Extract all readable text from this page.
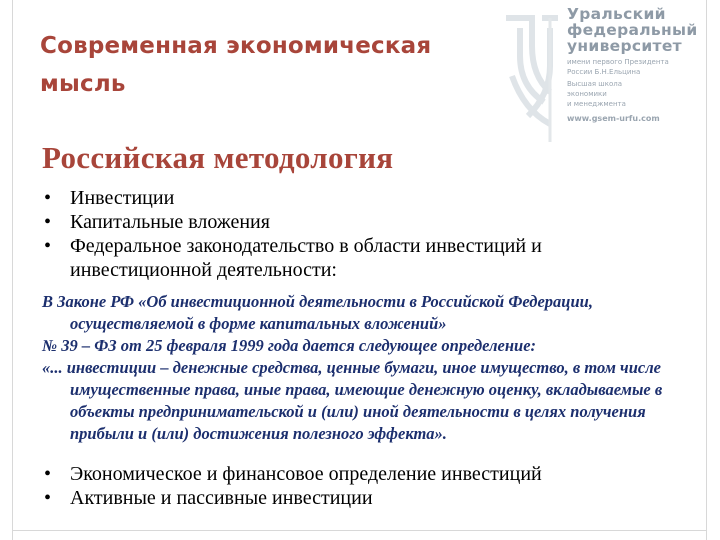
Современная экономическая
мысль
Уральский
федеральный
университет
имени первого Президента
России Б.Н.Ельцина
Высшая школа
экономики
и менеджмента
www.gsem-urfu.com
Российская методология
• Инвестиции
• Капитальные вложения
• Федеральное законодательство в области инвестиций и инвестиционной деятельности:
В Законе РФ «Об инвестиционной деятельности в Российской Федерации, осуществляемой в форме капитальных вложений»
№ 39 – ФЗ от 25 февраля 1999 года дается следующее определение:
«... инвестиции – денежные средства, ценные бумаги, иное имущество, в том числе имущественные права, иные права, имеющие денежную оценку, вкладываемые в объекты предпринимательской и (или) иной деятельности в целях получения прибыли и (или) достижения полезного эффекта».
• Экономическое и финансовое определение инвестиций
• Активные и пассивные инвестиции
